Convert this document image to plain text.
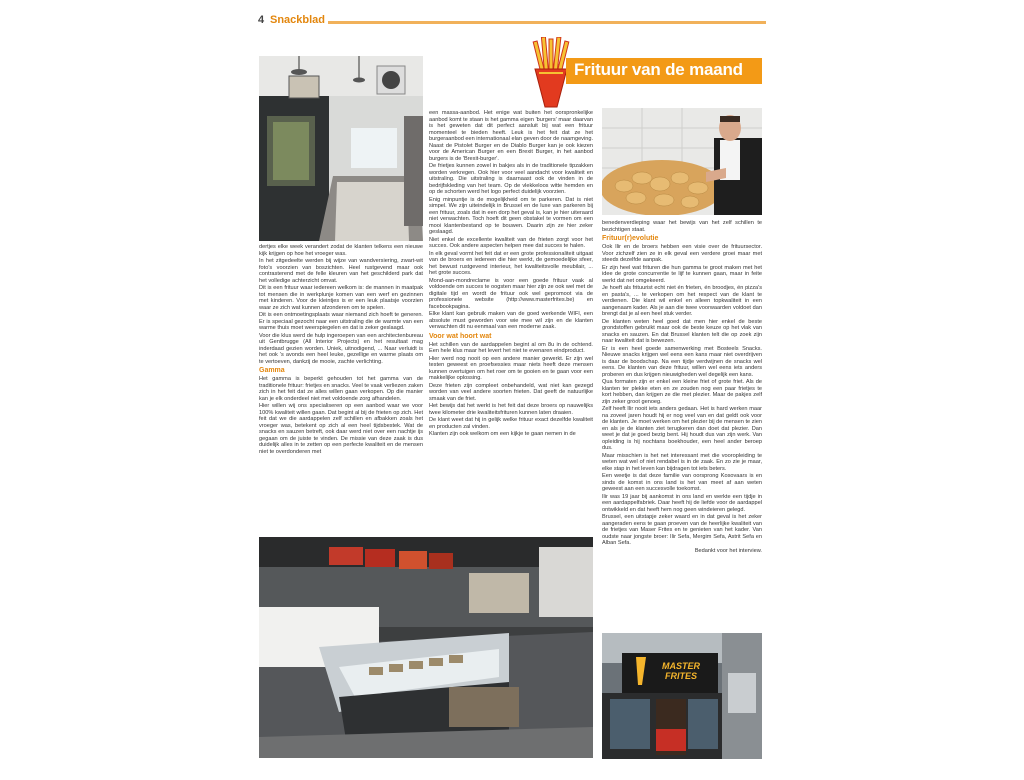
4 Snackblad
Frituur van de maand
MASTER FRITES

dertjes elke week verandert zodat de klanten telkens een nieuwe kijk krijgen op hoe het vroeger was.

In het zitgedeelte werden bij wijze van wandversiering, zwart-wit foto's voorzien van boszichten. Heel rustgevend maar ook contrasterend met de felle kleuren van het geschilderd park dat het volledige achterzicht omvat.

Dit is een frituur waar iedereen welkom is: de mannen in maatpak tot mensen die in werkplunje komen van een werf en gezinnen met kinderen. Voor de kleintjes is er een leuk plaatsje voorzien waar ze zich wat kunnen afzonderen om te spelen.

Dit is een ontmoetingsplaats waar niemand zich hoeft te generen. Er is speciaal gezocht naar een uitstraling die de warmte van een warme thuis moet weerspiegelen en dat is zeker geslaagd.

Voor die klus werd de hulp ingeroepen van een architectenbureau uit Gentbrugge (All Interior Projects) en het resultaat mag inderdaad gezien worden. Uniek, uitnodigend, ... Naar verluidt is het ook 's avonds een heel leuke, gezellige en warme plaats om te vertoeven, dankzij de mooie, zachte verlichting.

Gamma

Het gamma is beperkt gehouden tot het gamma van de traditionele frituur: frietjes en snacks. Veel te vaak verliezen zaken zich in het feit dat ze alles willen gaan verkopen. Op die manier kan je elk onderdeel niet met voldoende zorg afhandelen.

Hier willen wij ons specialiseren op een aanbod waar we voor 100% kwaliteit willen gaan. Dat begint al bij de frieten op zich. Het feit dat we die aardappelen zelf schillen en afbakken zoals het vroeger was, betekent op zich al een heel tijdsbestek. Wat de snacks en sauzen betreft, ook daar werd niet over een nachtje ijs gegaan om de juiste te vinden. De missie van deze zaak is dus duidelijk alles in te zetten op een perfecte kwaliteit en de mensen niet te overdonderen met

een massa-aanbod. Het enige wat buiten het oorspronkelijke aanbod komt te staan is het gamma eigen 'burgers' maar daarvan is het geweten dat dit perfect aansluit bij wat een frituur momenteel te bieden heeft. Leuk is het feit dat ze het burgeraanbod een internationaal elan geven door de naamgeving. Naast de Pistolet Burger en de Diablo Burger kan je ook kiezen voor de American Burger en een Brexit Burger, in het aanbod burgers is de 'Brexit-burger'.

De frietjes kunnen zowel in bakjes als in de traditionele tipzakken worden verkregen. Ook hier voor veel aandacht voor kwaliteit en uitstraling. Die uitstraling is daarnaast ook de vinden in de bedrijfskleding van het team. Op de vlekkeloos witte hemden en op de schorten werd het logo perfect duidelijk voorzien.

Enig minpuntje is de mogelijkheid om te parkeren. Dat is niet simpel. We zijn uiteindelijk in Brussel en de luxe van parkeren bij een frituur, zoals dat in een dorp het geval is, kan je hier uiteraard niet verwachten. Toch hoeft dit geen obstakel te vormen om een mooi klantenbestand op te bouwen. Daarin zijn ze hier zeker geslaagd.

Niet enkel de excellente kwaliteit van de frieten zorgt voor het succes. Ook andere aspecten helpen mee dat succes te halen.

In elk geval vormt het feit dat er een grote professionaliteit uitgaat van de broers en iedereen die hier werkt, de gemoedelijke sfeer, het bewust rustgevend interieur, het kwaliteitsvolle meubilair, ... het grote succes.

Mond-aan-mondreclame is voor een goede frituur vaak al voldoende om succes te oogsten maar hier zijn ze ook wel met de digitale tijd en wordt de frituur ook wel gepromoot via de professionele website (http://www.masterfrites.be) en facebookpagina.

Elke klant kan gebruik maken van de goed werkende WIFI, een absolute must geworden voor wie mee wil zijn en de klanten verwachten dit nu eenmaal van een moderne zaak.

Voor wat hoort wat

Het schillen van de aardappelen begint al om 8u in de ochtend. Een hele klus maar het levert het niet te evenaren eindproduct.

Hier werd nog nooit op een andere manier gewerkt. Er zijn wel testen geweest en proefsessies maar niets heeft deze mensen kunnen overtuigen om het roer om te gooien en te gaan voor een makkelijke oplossing.

Deze frieten zijn compleet onbehandeld, wat niet kan gezegd worden van veel andere soorten frieten. Dat geeft de natuurlijke smaak van de friet.

Het bewijs dat het werkt is het feit dat deze broers op nauwelijks twee kilometer drie kwaliteitsfrituren kunnen laten draaien.

De klant weet dat hij in gelijk welke frituur exact dezelfde kwaliteit en producten zal vinden.

Klanten zijn ook welkom om een kijkje te gaan nemen in de

benedenverdieping waar het bewijs van het zelf schillen te bezichtigen staat.

Frituur(r)evolutie

Ook Ilir en de broers hebben een visie over de frituursector. Voor zichzelf zien ze in elk geval een verdere groei maar met steeds dezelfde aanpak.

Er zijn heel wat frituren die hun gamma te groot maken met het idee de grote concurrentie te lijf te kunnen gaan, maar in feite werkt dat net omgekeerd.

Je hoeft als frituurist echt niet én frieten, én broodjes, én pizza's en pasta's, ... te verkopen om het respect van de klant te verdienen. Die klant wil enkel en alleen topkwaliteit in een aangenaam kader. Als je aan die twee voorwaarden voldoet dan brengt dat je al een heel stuk verder.

De klanten weten heel goed dat men hier enkel de beste grondstoffen gebruikt maar ook de beste keuze op het vlak van snacks en sauzen. En dat Brussel klanten telt die op zoek zijn naar kwaliteit dat is bewezen.

Er is een heel goede samenwerking met Bosteels Snacks. Nieuwe snacks krijgen wel eens een kans maar niet overdrijven is daar de boodschap. Na een tijdje verdwijnen de snacks wel eens. De klanten van deze frituur, willen wel eens iets anders proberen en dus krijgen nieuwigheden wel degelijk een kans.

Qua formaten zijn er enkel een kleine friet of grote friet. Als de klanten ter plekke eten en ze zouden nog een paar frietjes te kort hebben, dan krijgen ze die met plezier. Maar de pakjes zelf zijn zeker groot genoeg.

Zelf heeft Ilir nooit iets anders gedaan. Het is hard werken maar na zoveel jaren houdt hij er nog veel van en dat geldt ook voor de klanten. Je moet werken om het plezier bij de mensen te zien en als je de klanten ziet terugkeren dan doet dat plezier. Dan weet je dat je goed bezig bent. Hij houdt dus van zijn werk. Van opleiding is hij nochtans boekhouder, een heel ander beroep dus.

Maar misschien is het net interessant met die vooropleiding te weten wat wel of niet rendabel is in de zaak. En zo zie je maar, elke stap in het leven kan bijdragen tot iets beters.

Een weetje is dat deze familie van oorsprong Kosovaars is en sinds de komst in ons land is het van meet af aan weten geweest aan een succesvolle toekomst.

Ilir was 19 jaar bij aankomst in ons land en werkte een tijdje in een aardappelfabriek. Daar heeft hij de liefde voor de aardappel ontwikkeld en dat heeft hem nog geen windeieren gelegd.

Brussel, een uitstapje zeker waard en in dat geval is het zeker aangeraden eens te gaan proeven van de heerlijke kwaliteit van de frietjes van Maser Frites en te genieten van het kader. Van oudste naar jongste broer: Ilir Sefa, Mergim Sefa, Astrit Sefa en Alban Sefa.

Bedankt voor het interview.
